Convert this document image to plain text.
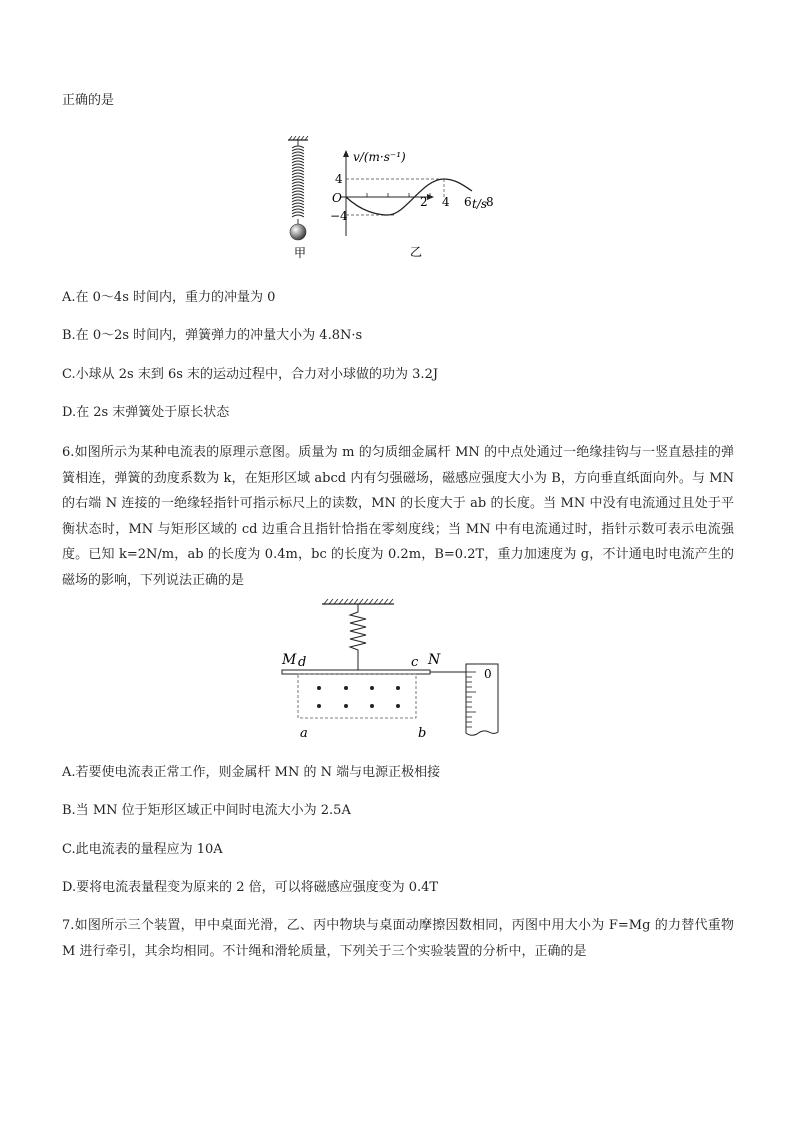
正确的是

甲
v/(m·s⁻¹)
t/s
O
4
−4
2 4 6 8
乙

A.在 0～4s 时间内，重力的冲量为 0

B.在 0～2s 时间内，弹簧弹力的冲量大小为 4.8N·s

C.小球从 2s 末到 6s 末的运动过程中，合力对小球做的功为 3.2J

D.在 2s 末弹簧处于原长状态

6.如图所示为某种电流表的原理示意图。质量为 m 的匀质细金属杆 MN 的中点处通过一绝缘挂钩与一竖直悬挂的弹簧相连，弹簧的劲度系数为 k，在矩形区域 abcd 内有匀强磁场，磁感应强度大小为 B，方向垂直纸面向外。与 MN 的右端 N 连接的一绝缘轻指针可指示标尺上的读数，MN 的长度大于 ab 的长度。当 MN 中没有电流通过且处于平衡状态时，MN 与矩形区域的 cd 边重合且指针恰指在零刻度线；当 MN 中有电流通过时，指针示数可表示电流强度。已知 k=2N/m，ab 的长度为 0.4m，bc 的长度为 0.2m，B=0.2T，重力加速度为 g，不计通电时电流产生的磁场的影响，下列说法正确的是

M d	c N
a	b
0

A.若要使电流表正常工作，则金属杆 MN 的 N 端与电源正极相接

B.当 MN 位于矩形区域正中间时电流大小为 2.5A

C.此电流表的量程应为 10A

D.要将电流表量程变为原来的 2 倍，可以将磁感应强度变为 0.4T

7.如图所示三个装置，甲中桌面光滑，乙、丙中物块与桌面动摩擦因数相同，丙图中用大小为 F=Mg 的力替代重物 M 进行牵引，其余均相同。不计绳和滑轮质量，下列关于三个实验装置的分析中，正确的是
